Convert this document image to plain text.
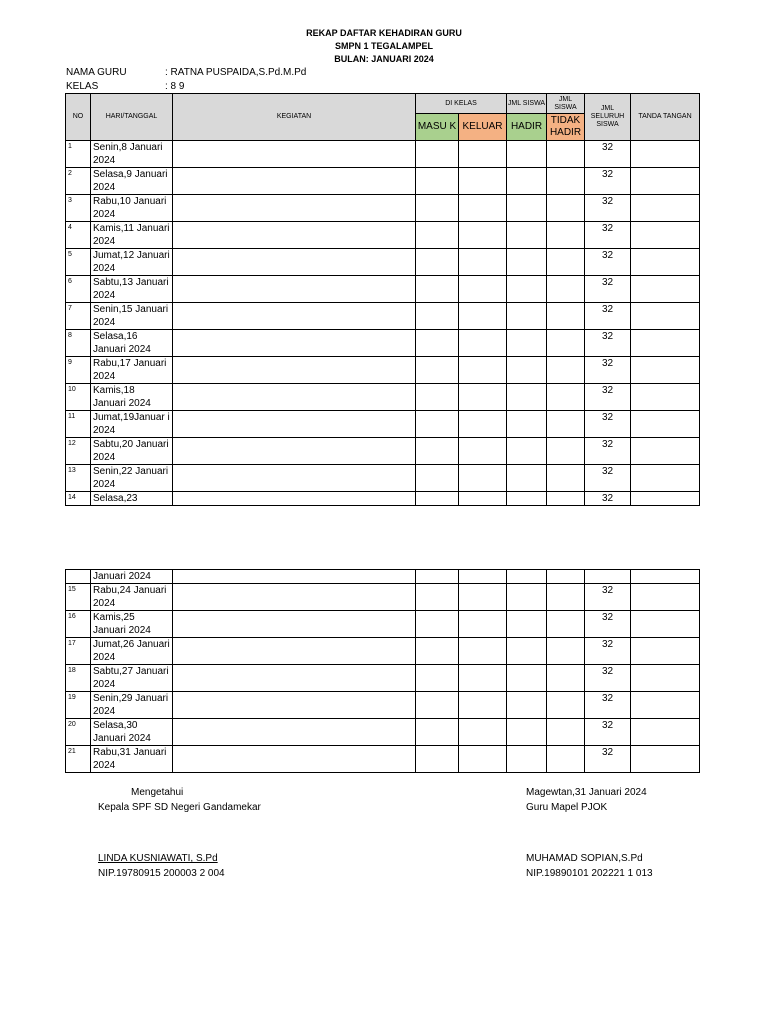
REKAP DAFTAR KEHADIRAN GURU
SMPN 1 TEGALAMPEL
BULAN: JANUARI 2024
NAMA GURU	: RATNA PUSPAIDA,S.Pd.M.Pd
KELAS	: 8 9
NO	HARI/TANGGAL	KEGIATAN	DI KELAS		JML SISWA	JML SISWA	JML SELURUH SISWA	TANDA TANGAN
			MASU K	KELUAR	HADIR	TIDAK HADIR		
1	Senin,8 Januari 2024						32	
2	Selasa,9 Januari 2024						32	
3	Rabu,10 Januari 2024						32	
4	Kamis,11 Januari 2024						32	
5	Jumat,12 Januari 2024						32	
6	Sabtu,13 Januari 2024						32	
7	Senin,15 Januari 2024						32	
8	Selasa,16 Januari 2024						32	
9	Rabu,17 Januari 2024						32	
10	Kamis,18 Januari 2024						32	
11	Jumat,19Januar i 2024						32	
12	Sabtu,20 Januari 2024						32	
13	Senin,22 Januari 2024						32	
14	Selasa,23						32	
	Januari 2024							
15	Rabu,24 Januari 2024						32	
16	Kamis,25 Januari 2024						32	
17	Jumat,26 Januari 2024						32	
18	Sabtu,27 Januari 2024						32	
19	Senin,29 Januari 2024						32	
20	Selasa,30 Januari 2024						32	
21	Rabu,31 Januari 2024						32	
Mengetahui
Kepala SPF SD Negeri Gandamekar
LINDA KUSNIAWATI, S.Pd
NIP.19780915 200003 2 004
Magewtan,31 Januari 2024
Guru Mapel PJOK
MUHAMAD SOPIAN,S.Pd
NIP.19890101 202221 1 013
